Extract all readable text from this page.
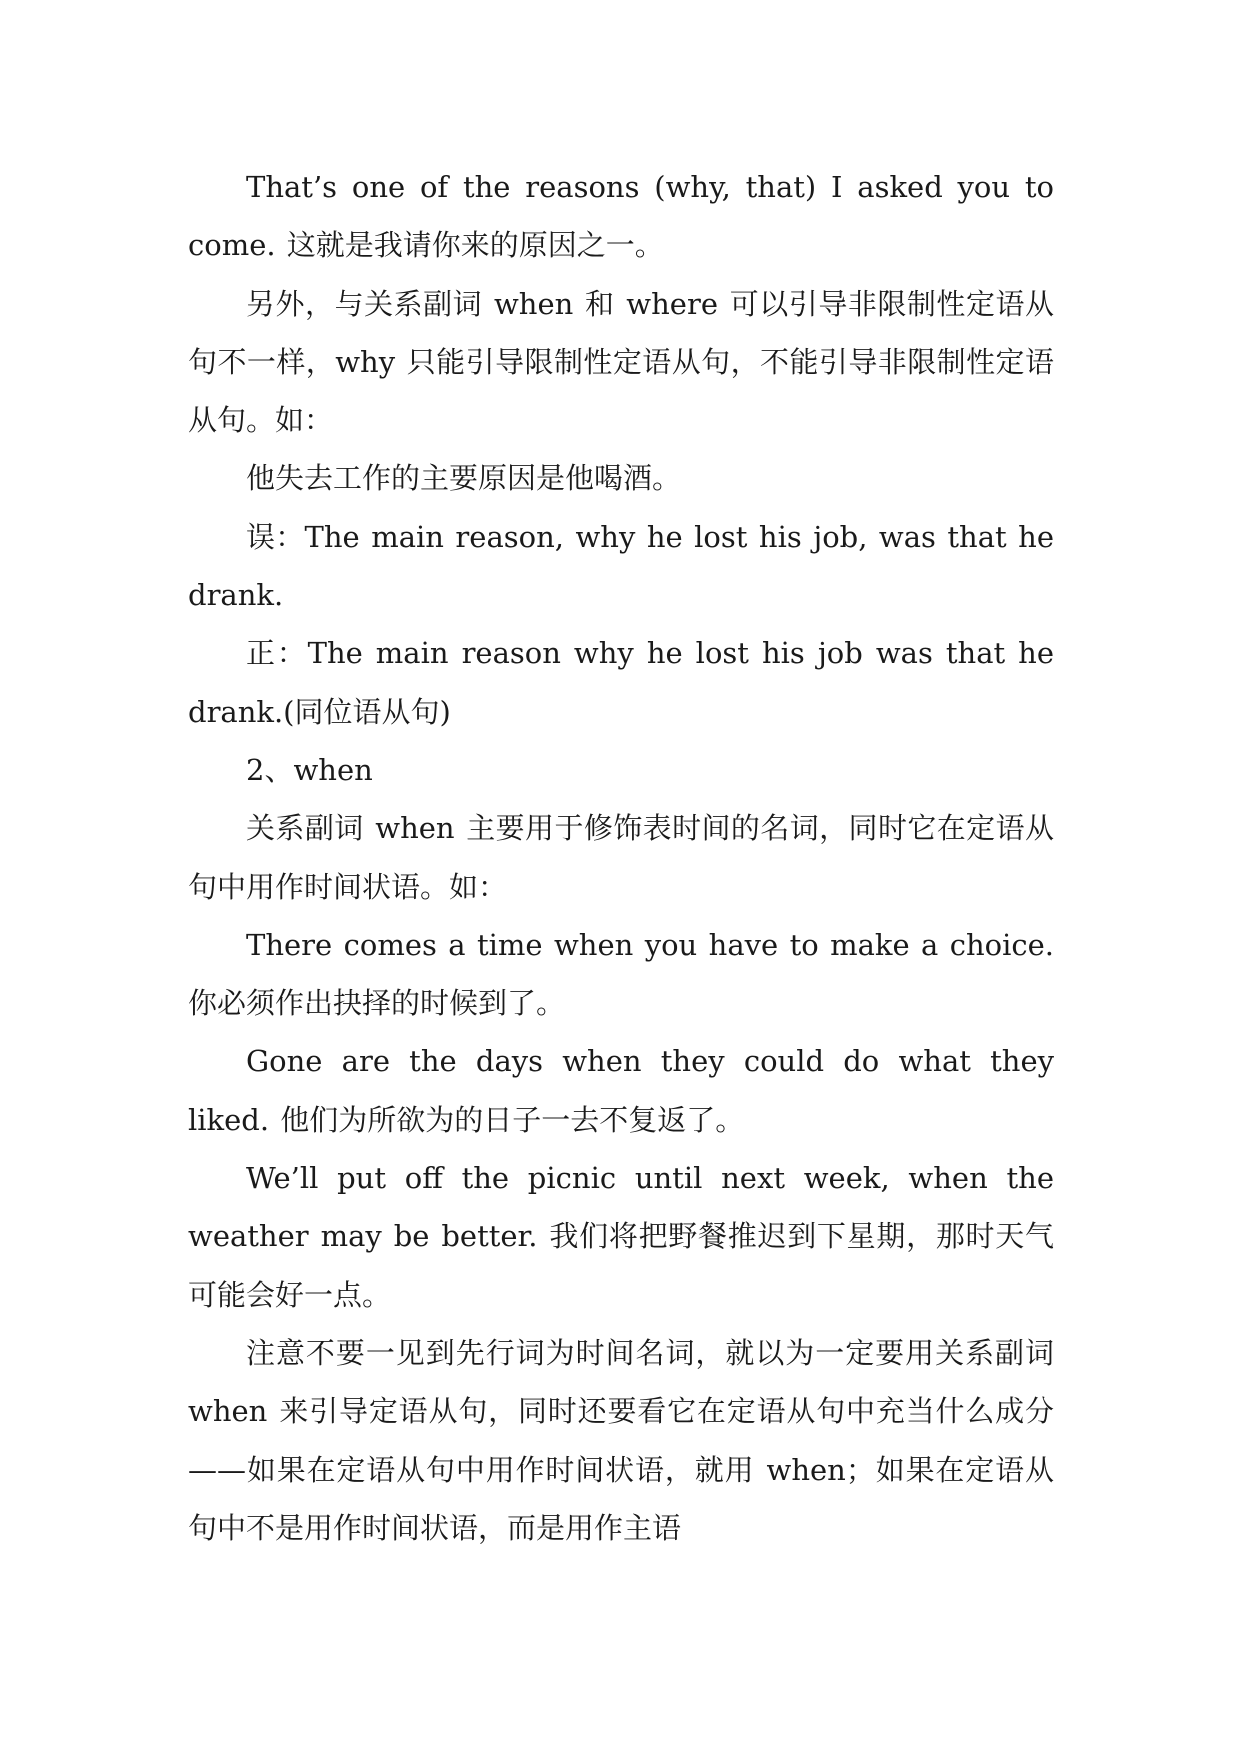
That’s one of the reasons (why, that) I asked you to come. 这就是我请你来的原因之一。

另外，与关系副词 when 和 where 可以引导非限制性定语从句不一样，why 只能引导限制性定语从句，不能引导非限制性定语从句。如：

他失去工作的主要原因是他喝酒。

误：The main reason, why he lost his job, was that he drank.

正：The main reason why he lost his job was that he drank.(同位语从句)

2、when

关系副词 when 主要用于修饰表时间的名词，同时它在定语从句中用作时间状语。如：

There comes a time when you have to make a choice. 你必须作出抉择的时候到了。

Gone are the days when they could do what they liked. 他们为所欲为的日子一去不复返了。

We’ll put off the picnic until next week, when the weather may be better. 我们将把野餐推迟到下星期，那时天气可能会好一点。

注意不要一见到先行词为时间名词，就以为一定要用关系副词 when 来引导定语从句，同时还要看它在定语从句中充当什么成分——如果在定语从句中用作时间状语，就用 when；如果在定语从句中不是用作时间状语，而是用作主语
